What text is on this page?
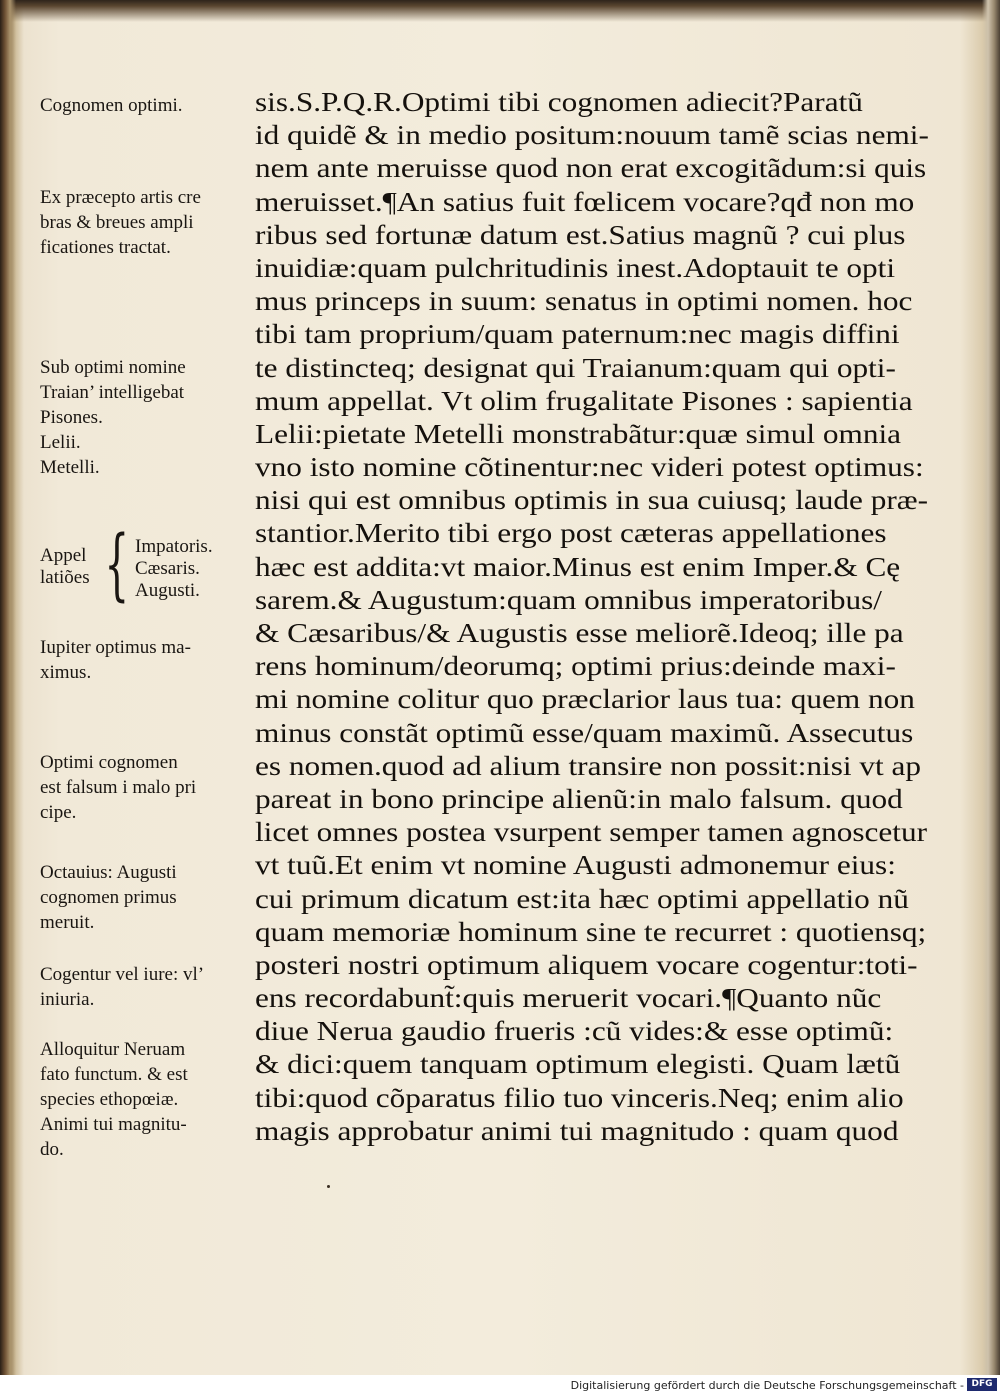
Cognomen optimi.
Ex præcepto artis cre
bras & breues ampli
ficationes tractat.
Sub optimi nomine
Traian’ intelligebat
Pisones.
Lelii.
Metelli.
Appel
latiões { Impatoris.
Cæsaris.
Augusti.
Iupiter optimus ma-
ximus.
Optimi cognomen
est falsum i malo pri
cipe.
Octauius: Augusti
cognomen primus
meruit.
Cogentur vel iure: vl’
iniuria.
Alloquitur Neruam
fato functum. & est
species ethopœiæ.
Animi tui magnitu-
do.
sis.S.P.Q.R.Optimi tibi cognomen adiecit?Paratũ
id quidẽ & in medio positum:nouum tamẽ scias nemi-
nem ante meruisse quod non erat excogitãdum:si quis
meruisset.¶An satius fuit fœlicem vocare?qđ non mo
ribus sed fortunæ datum est.Satius magnũ ? cui plus
inuidiæ:quam pulchritudinis inest.Adoptauit te opti
mus princeps in suum: senatus in optimi nomen. hoc
tibi tam proprium/quam paternum:nec magis diffini
te distincteq; designat qui Traianum:quam qui opti-
mum appellat. Vt olim frugalitate Pisones : sapientia
Lelii:pietate Metelli monstrabãtur:quæ simul omnia
vno isto nomine cõtinentur:nec videri potest optimus:
nisi qui est omnibus optimis in sua cuiusq; laude præ-
stantior.Merito tibi ergo post cæteras appellationes
hæc est addita:vt maior.Minus est enim Imper.& Cę
sarem.& Augustum:quam omnibus imperatoribus/
& Cæsaribus/& Augustis esse meliorẽ.Ideoq; ille pa
rens hominum/deorumq; optimi prius:deinde maxi-
mi nomine colitur quo præclarior laus tua: quem non
minus constãt optimũ esse/quam maximũ. Assecutus
es nomen.quod ad alium transire non possit:nisi vt ap
pareat in bono principe alienũ:in malo falsum. quod
licet omnes postea vsurpent semper tamen agnoscetur
vt tuũ.Et enim vt nomine Augusti admonemur eius:
cui primum dicatum est:ita hæc optimi appellatio nũ
quam memoriæ hominum sine te recurret : quotiensq;
posteri nostri optimum aliquem vocare cogentur:toti-
ens recordabunt̃:quis meruerit vocari.¶Quanto nũc
diue Nerua gaudio frueris :cũ vides:& esse optimũ:
& dici:quem tanquam optimum elegisti. Quam lætũ
tibi:quod cõparatus filio tuo vinceris.Neq; enim alio
magis approbatur animi tui magnitudo : quam quod
Digitalisierung gefördert durch die Deutsche Forschungsgemeinschaft - DFG
